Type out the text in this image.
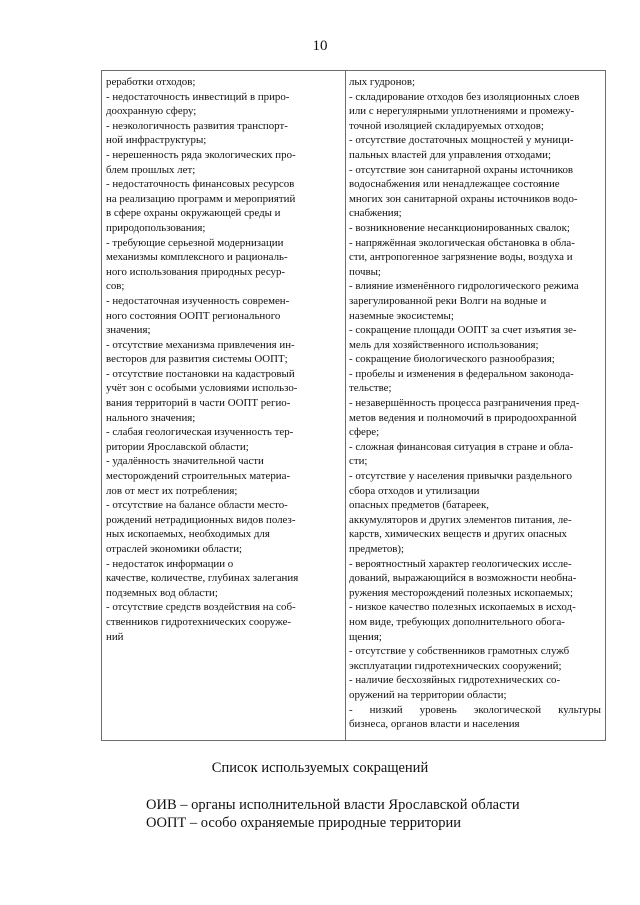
10
реработки отходов;
- недостаточность инвестиций в приро-
доохранную сферу;
- неэкологичность развития транспорт-
ной инфраструктуры;
- нерешенность ряда экологических про-
блем прошлых лет;
- недостаточность финансовых ресурсов
на реализацию программ и мероприятий
в сфере охраны окружающей среды и
природопользования;
- требующие серьезной модернизации
механизмы комплексного и рациональ-
ного использования природных ресур-
сов;
- недостаточная изученность современ-
ного состояния ООПТ регионального
значения;
- отсутствие механизма привлечения ин-
весторов для развития системы ООПТ;
- отсутствие постановки на кадастровый
учёт зон с особыми условиями использо-
вания территорий в части ООПТ регио-
нального значения;
- слабая геологическая изученность тер-
ритории Ярославской области;
- удалённость значительной части
месторождений строительных материа-
лов от мест их потребления;
- отсутствие на балансе области место-
рождений нетрадиционных видов полез-
ных ископаемых, необходимых для
отраслей экономики области;
- недостаток информации о
качестве, количестве, глубинах залегания
подземных вод области;
- отсутствие средств воздействия на соб-
ственников гидротехнических сооруже-
ний
лых гудронов;
- складирование отходов без изоляционных слоев
или с нерегулярными уплотнениями и промежу-
точной изоляцией складируемых отходов;
- отсутствие достаточных мощностей у муници-
пальных властей для управления отходами;
- отсутствие зон санитарной охраны источников
водоснабжения или ненадлежащее состояние
многих зон санитарной охраны источников водо-
снабжения;
- возникновение несанкционированных свалок;
- напряжённая экологическая обстановка в обла-
сти, антропогенное загрязнение воды, воздуха и
почвы;
- влияние изменённого гидрологического режима
зарегулированной реки Волги на водные и
наземные экосистемы;
- сокращение площади ООПТ за счет изъятия зе-
мель для хозяйственного использования;
- сокращение биологического разнообразия;
- пробелы и изменения в федеральном законода-
тельстве;
- незавершённость процесса разграничения пред-
метов ведения и полномочий в природоохранной
сфере;
- сложная финансовая ситуация в стране и обла-
сти;
- отсутствие у населения привычки раздельного
сбора отходов и утилизации
опасных предметов (батареек,
аккумуляторов и других элементов питания, ле-
карств, химических веществ и других опасных
предметов);
- вероятностный характер геологических иссле-
дований, выражающийся в возможности необна-
ружения месторождений полезных ископаемых;
- низкое качество полезных ископаемых в исход-
ном виде, требующих дополнительного обога-
щения;
- отсутствие у собственников грамотных служб
эксплуатации гидротехнических сооружений;
- наличие бесхозяйных гидротехнических со-
оружений на территории области;
- низкий уровень экологической культуры
бизнеса, органов власти и населения
Список используемых сокращений
ОИВ – органы исполнительной власти Ярославской области
ООПТ – особо охраняемые природные территории
